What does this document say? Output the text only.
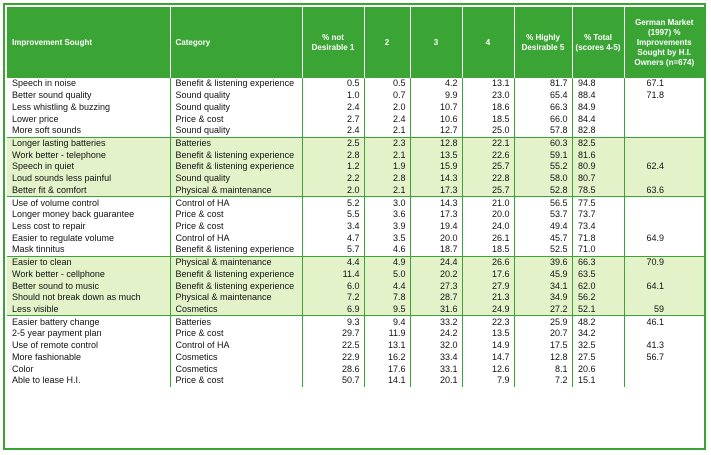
Improvement Sought	Category	% not Desirable 1	2	3	4	% Highly Desirable 5	% Total (scores 4-5)	German Market (1997) % Improvements Sought by H.I. Owners (n=674)
Speech in noise	Benefit & listening experience	0.5	0.5	4.2	13.1	81.7	94.8	67.1
Better sound quality	Sound quality	1.0	0.7	9.9	23.0	65.4	88.4	71.8
Less whistling & buzzing	Sound quality	2.4	2.0	10.7	18.6	66.3	84.9	
Lower price	Price & cost	2.7	2.4	10.6	18.5	66.0	84.4	
More soft sounds	Sound quality	2.4	2.1	12.7	25.0	57.8	82.8	
Longer lasting batteries	Batteries	2.5	2.3	12.8	22.1	60.3	82.5	
Work better - telephone	Benefit & listening experience	2.8	2.1	13.5	22.6	59.1	81.6	
Speech in quiet	Benefit & listening experience	1.2	1.9	15.9	25.7	55.2	80.9	62.4
Loud sounds less painful	Sound quality	2.2	2.8	14.3	22.8	58.0	80.7	
Better fit & comfort	Physical & maintenance	2.0	2.1	17.3	25.7	52.8	78.5	63.6
Use of volume control	Control of HA	5.2	3.0	14.3	21.0	56.5	77.5	
Longer money back guarantee	Price & cost	5.5	3.6	17.3	20.0	53.7	73.7	
Less cost to repair	Price & cost	3.4	3.9	19.4	24.0	49.4	73.4	
Easier to regulate volume	Control of HA	4.7	3.5	20.0	26.1	45.7	71.8	64.9
Mask tinnitus	Benefit & listening experience	5.7	4.6	18.7	18.5	52.5	71.0	
Easier to clean	Physical & maintenance	4.4	4.9	24.4	26.6	39.6	66.3	70.9
Work better - cellphone	Benefit & listening experience	11.4	5.0	20.2	17.6	45.9	63.5	
Better sound to music	Benefit & listening experience	6.0	4.4	27.3	27.9	34.1	62.0	64.1
Should not break down as much	Physical & maintenance	7.2	7.8	28.7	21.3	34.9	56.2	
Less visible	Cosmetics	6.9	9.5	31.6	24.9	27.2	52.1	59
Easier battery change	Batteries	9.3	9.4	33.2	22.3	25.9	48.2	46.1
2-5 year payment plan	Price & cost	29.7	11.9	24.2	13.5	20.7	34.2	
Use of remote control	Control of HA	22.5	13.1	32.0	14.9	17.5	32.5	41.3
More fashionable	Cosmetics	22.9	16.2	33.4	14.7	12.8	27.5	56.7
Color	Cosmetics	28.6	17.6	33.1	12.6	8.1	20.6	
Able to lease H.I.	Price & cost	50.7	14.1	20.1	7.9	7.2	15.1	
